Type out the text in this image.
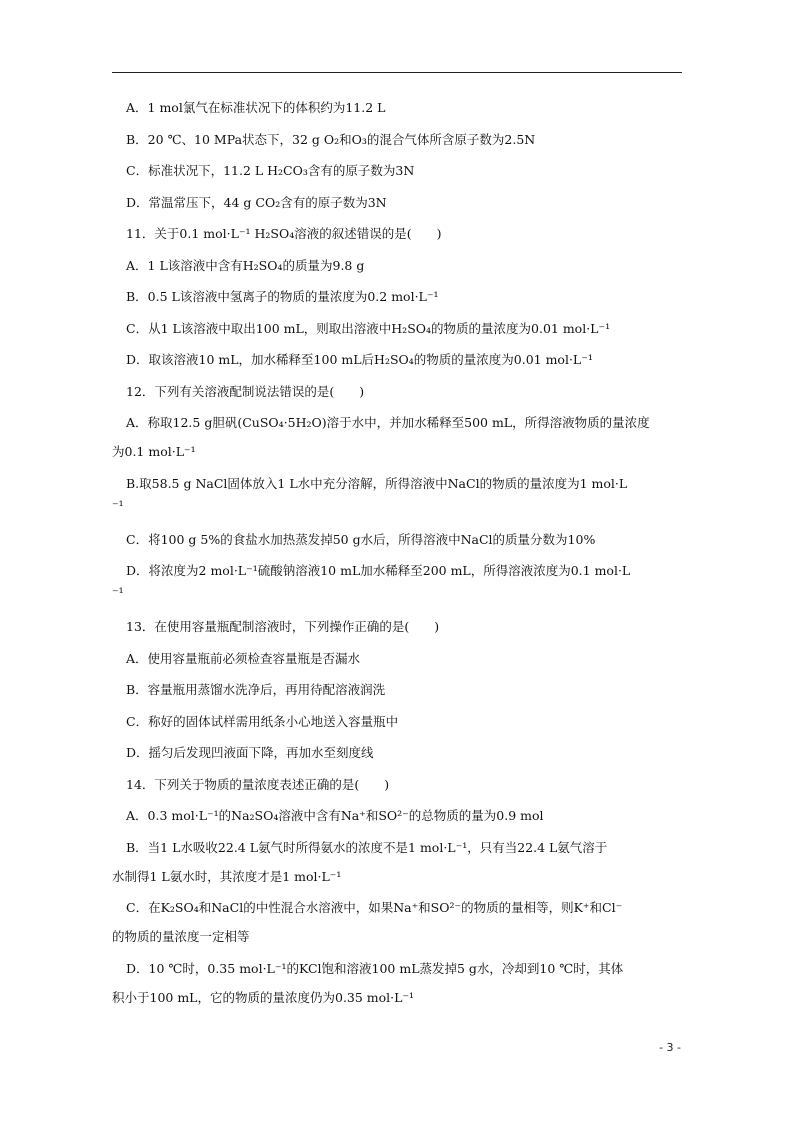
A．1 mol氯气在标准状况下的体积约为11.2 L
B．20 ℃、10 MPa状态下，32 g O₂和O₃的混合气体所含原子数为2.5N
C．标准状况下，11.2 L H₂CO₃含有的原子数为3N
D．常温常压下，44 g CO₂含有的原子数为3N
11．关于0.1 mol·L⁻¹ H₂SO₄溶液的叙述错误的是(　　)
A．1 L该溶液中含有H₂SO₄的质量为9.8 g
B．0.5 L该溶液中氢离子的物质的量浓度为0.2 mol·L⁻¹
C．从1 L该溶液中取出100 mL，则取出溶液中H₂SO₄的物质的量浓度为0.01 mol·L⁻¹
D．取该溶液10 mL，加水稀释至100 mL后H₂SO₄的物质的量浓度为0.01 mol·L⁻¹
12．下列有关溶液配制说法错误的是(　　)
A．称取12.5 g胆矾(CuSO₄·5H₂O)溶于水中，并加水稀释至500 mL，所得溶液物质的量浓度
为0.1 mol·L⁻¹
B.取58.5 g NaCl固体放入1 L水中充分溶解，所得溶液中NaCl的物质的量浓度为1 mol·L
⁻¹
C．将100 g 5%的食盐水加热蒸发掉50 g水后，所得溶液中NaCl的质量分数为10%
D．将浓度为2 mol·L⁻¹硫酸钠溶液10 mL加水稀释至200 mL，所得溶液浓度为0.1 mol·L
⁻¹
13．在使用容量瓶配制溶液时，下列操作正确的是(　　)
A．使用容量瓶前必须检查容量瓶是否漏水
B．容量瓶用蒸馏水洗净后，再用待配溶液润洗
C．称好的固体试样需用纸条小心地送入容量瓶中
D．摇匀后发现凹液面下降，再加水至刻度线
14．下列关于物质的量浓度表述正确的是(　　)
A．0.3 mol·L⁻¹的Na₂SO₄溶液中含有Na⁺和SO²⁻的总物质的量为0.9 mol
B．当1 L水吸收22.4 L氨气时所得氨水的浓度不是1 mol·L⁻¹，只有当22.4 L氨气溶于
水制得1 L氨水时，其浓度才是1 mol·L⁻¹
C．在K₂SO₄和NaCl的中性混合水溶液中，如果Na⁺和SO²⁻的物质的量相等，则K⁺和Cl⁻
的物质的量浓度一定相等
D．10 ℃时，0.35 mol·L⁻¹的KCl饱和溶液100 mL蒸发掉5 g水，冷却到10 ℃时，其体
积小于100 mL，它的物质的量浓度仍为0.35 mol·L⁻¹
- 3 -
